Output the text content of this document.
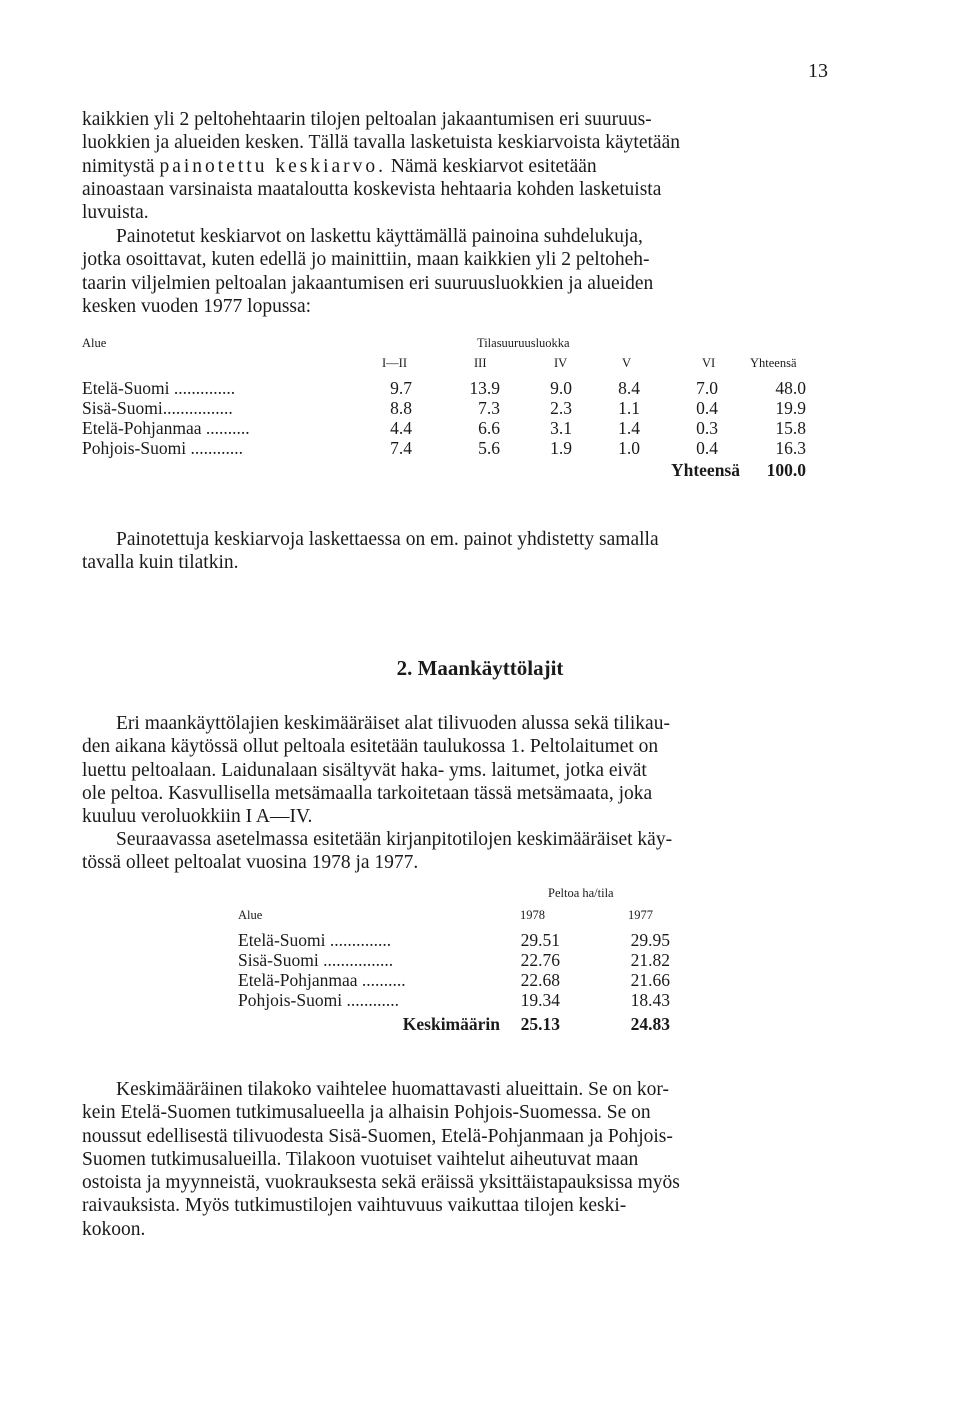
13

kaikkien yli 2 peltohehtaarin tilojen peltoalan jakaantumisen eri suuruus-
luokkien ja alueiden kesken. Tällä tavalla lasketuista keskiarvoista käytetään
nimitystä painotettu keskiarvo. Nämä keskiarvot esitetään
ainoastaan varsinaista maataloutta koskevista hehtaaria kohden lasketuista
luvuista.

Painotetut keskiarvot on laskettu käyttämällä painoina suhdelukuja,
jotka osoittavat, kuten edellä jo mainittiin, maan kaikkien yli 2 peltoheh-
taarin viljelmien peltoalan jakaantumisen eri suuruusluokkien ja alueiden
kesken vuoden 1977 lopussa:

Alue	Tilasuuruusluokka
I—II	III	IV	V	VI	Yhteensä
Etelä-Suomi ..............	9.7	13.9	9.0	8.4	7.0	48.0
Sisä-Suomi................	8.8	7.3	2.3	1.1	0.4	19.9
Etelä-Pohjanmaa ..........	4.4	6.6	3.1	1.4	0.3	15.8
Pohjois-Suomi ............	7.4	5.6	1.9	1.0	0.4	16.3
Yhteensä	100.0

Painotettuja keskiarvoja laskettaessa on em. painot yhdistetty samalla
tavalla kuin tilatkin.

2. Maankäyttölajit

Eri maankäyttölajien keskimääräiset alat tilivuoden alussa sekä tilikau-
den aikana käytössä ollut peltoala esitetään taulukossa 1. Peltolaitumet on
luettu peltoalaan. Laidunalaan sisältyvät haka- yms. laitumet, jotka eivät
ole peltoa. Kasvullisella metsämaalla tarkoitetaan tässä metsämaata, joka
kuuluu veroluokkiin I A—IV.

Seuraavassa asetelmassa esitetään kirjanpitotilojen keskimääräiset käy-
tössä olleet peltoalat vuosina 1978 ja 1977.

Peltoa ha/tila
Alue	1978	1977
Etelä-Suomi ..............	29.51	29.95
Sisä-Suomi ................	22.76	21.82
Etelä-Pohjanmaa ..........	22.68	21.66
Pohjois-Suomi ............	19.34	18.43
Keskimäärin	25.13	24.83

Keskimääräinen tilakoko vaihtelee huomattavasti alueittain. Se on kor-
kein Etelä-Suomen tutkimusalueella ja alhaisin Pohjois-Suomessa. Se on
noussut edellisestä tilivuodesta Sisä-Suomen, Etelä-Pohjanmaan ja Pohjois-
Suomen tutkimusalueilla. Tilakoon vuotuiset vaihtelut aiheutuvat maan
ostoista ja myynneistä, vuokrauksesta sekä eräissä yksittäistapauksissa myös
raivauksista. Myös tutkimustilojen vaihtuvuus vaikuttaa tilojen keski-
kokoon.
